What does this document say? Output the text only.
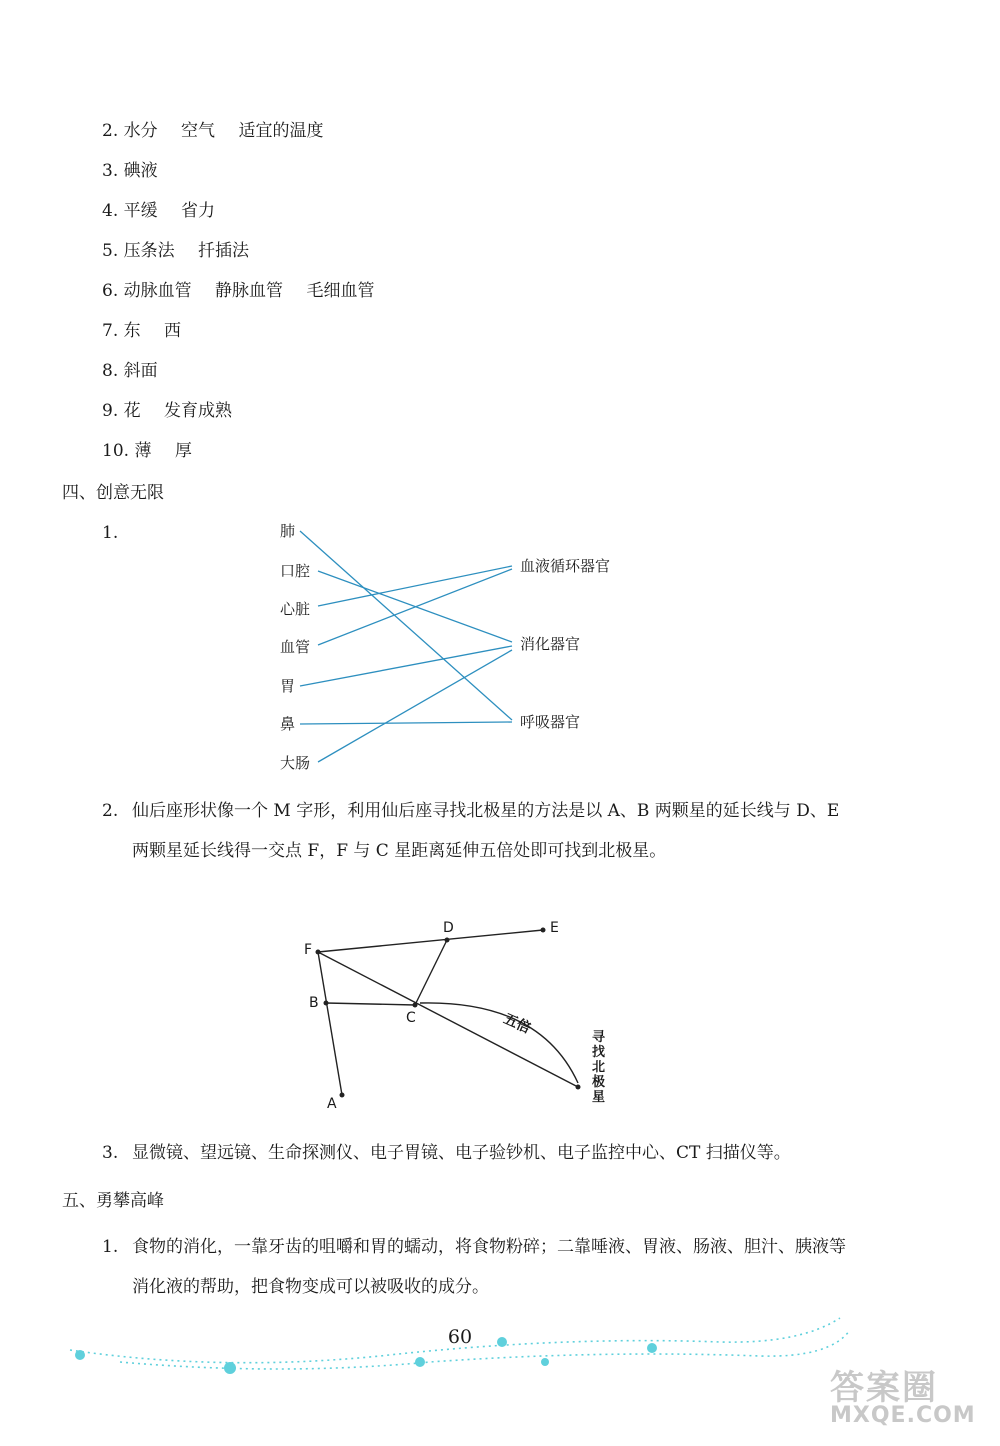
2. 水分 空气 适宜的温度
3. 碘液
4. 平缓 省力
5. 压条法 扦插法
6. 动脉血管 静脉血管 毛细血管
7. 东 西
8. 斜面
9. 花 发育成熟
10. 薄 厚
四、创意无限
1.	肺
口腔
心脏
血管
胃
鼻
大肠
血液循环器官
消化器官
呼吸器官
2. 仙后座形状像一个 M 字形，利用仙后座寻找北极星的方法是以 A、B 两颗星的延长线与 D、E 两颗星延长线得一交点 F，F 与 C 星距离延伸五倍处即可找到北极星。
F
D	E
B
C
A
五倍
寻找北极星
3. 显微镜、望远镜、生命探测仪、电子胃镜、电子验钞机、电子监控中心、CT 扫描仪等。
五、勇攀高峰
1. 食物的消化，一靠牙齿的咀嚼和胃的蠕动，将食物粉碎；二靠唾液、胃液、肠液、胆汁、胰液等消化液的帮助，把食物变成可以被吸收的成分。
60
答案圈
MXQE.COM
